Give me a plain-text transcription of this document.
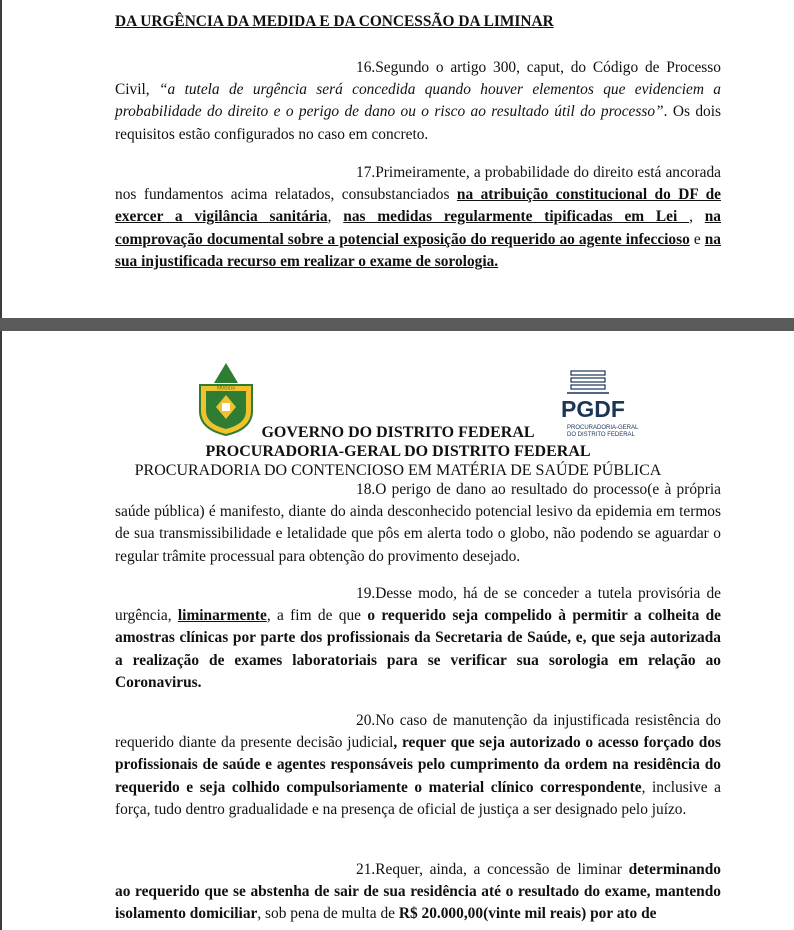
DA URGÊNCIA DA MEDIDA E DA CONCESSÃO DA LIMINAR

16.Segundo o artigo 300, caput, do Código de Processo Civil, “a tutela de urgência será concedida quando houver elementos que evidenciem a probabilidade do direito e o perigo de dano ou o risco ao resultado útil do processo”. Os dois requisitos estão configurados no caso em concreto.

17.Primeiramente, a probabilidade do direito está ancorada nos fundamentos acima relatados, consubstanciados na atribuição constitucional do DF de exercer a vigilância sanitária, nas medidas regularmente tipificadas em Lei , na comprovação documental sobre a potencial exposição do requerido ao agente infeccioso e na sua injustificada recurso em realizar o exame de sorologia.

BRASILIA
PGDF
PROCURADORIA-GERAL
DO DISTRITO FEDERAL

GOVERNO DO DISTRITO FEDERAL

PROCURADORIA-GERAL DO DISTRITO FEDERAL

PROCURADORIA DO CONTENCIOSO EM MATÉRIA DE SAÚDE PÚBLICA

18.O perigo de dano ao resultado do processo(e à própria saúde pública) é manifesto, diante do ainda desconhecido potencial lesivo da epidemia em termos de sua transmissibilidade e letalidade que pôs em alerta todo o globo, não podendo se aguardar o regular trâmite processual para obtenção do provimento desejado.

19.Desse modo, há de se conceder a tutela provisória de urgência, liminarmente, a fim de que o requerido seja compelido à permitir a colheita de amostras clínicas por parte dos profissionais da Secretaria de Saúde, e, que seja autorizada a realização de exames laboratoriais para se verificar sua sorologia em relação ao Coronavirus.

20.No caso de manutenção da injustificada resistência do requerido diante da presente decisão judicial, requer que seja autorizado o acesso forçado dos profissionais de saúde e agentes responsáveis pelo cumprimento da ordem na residência do requerido e seja colhido compulsoriamente o material clínico correspondente, inclusive a força, tudo dentro gradualidade e na presença de oficial de justiça a ser designado pelo juízo.

21.Requer, ainda, a concessão de liminar determinando ao requerido que se abstenha de sair de sua residência até o resultado do exame, mantendo isolamento domiciliar, sob pena de multa de R$ 20.000,00(vinte mil reais) por ato de
